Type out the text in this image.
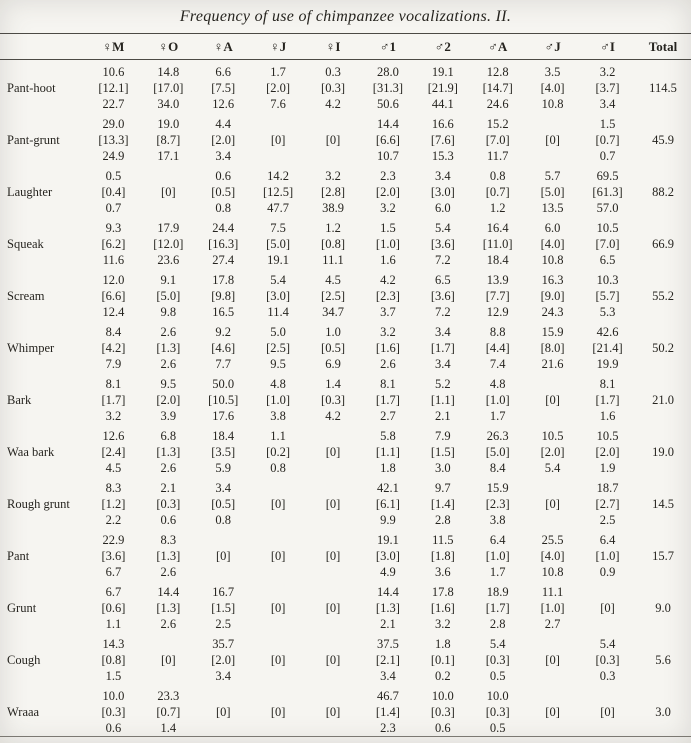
Frequency of use of chimpanzee vocalizations. II.
	♀M	♀O	♀A	♀J	♀I	♂1	♂2	♂A	♂J	♂I	Total
Pant-hoot	10.6	14.8	6.6	1.7	0.3	28.0	19.1	12.8	3.5	3.2	114.5
	[12.1]	[17.0]	[7.5]	[2.0]	[0.3]	[31.3]	[21.9]	[14.7]	[4.0]	[3.7]	
	22.7	34.0	12.6	7.6	4.2	50.6	44.1	24.6	10.8	3.4	
Pant-grunt	29.0	19.0	4.4			14.4	16.6	15.2		1.5	45.9
	[13.3]	[8.7]	[2.0]	[0]	[0]	[6.6]	[7.6]	[7.0]	[0]	[0.7]	
	24.9	17.1	3.4			10.7	15.3	11.7		0.7	
Laughter	0.5		0.6	14.2	3.2	2.3	3.4	0.8	5.7	69.5	88.2
	[0.4]	[0]	[0.5]	[12.5]	[2.8]	[2.0]	[3.0]	[0.7]	[5.0]	[61.3]	
	0.7		0.8	47.7	38.9	3.2	6.0	1.2	13.5	57.0	
Squeak	9.3	17.9	24.4	7.5	1.2	1.5	5.4	16.4	6.0	10.5	66.9
	[6.2]	[12.0]	[16.3]	[5.0]	[0.8]	[1.0]	[3.6]	[11.0]	[4.0]	[7.0]	
	11.6	23.6	27.4	19.1	11.1	1.6	7.2	18.4	10.8	6.5	
Scream	12.0	9.1	17.8	5.4	4.5	4.2	6.5	13.9	16.3	10.3	55.2
	[6.6]	[5.0]	[9.8]	[3.0]	[2.5]	[2.3]	[3.6]	[7.7]	[9.0]	[5.7]	
	12.4	9.8	16.5	11.4	34.7	3.7	7.2	12.9	24.3	5.3	
Whimper	8.4	2.6	9.2	5.0	1.0	3.2	3.4	8.8	15.9	42.6	50.2
	[4.2]	[1.3]	[4.6]	[2.5]	[0.5]	[1.6]	[1.7]	[4.4]	[8.0]	[21.4]	
	7.9	2.6	7.7	9.5	6.9	2.6	3.4	7.4	21.6	19.9	
Bark	8.1	9.5	50.0	4.8	1.4	8.1	5.2	4.8		8.1	21.0
	[1.7]	[2.0]	[10.5]	[1.0]	[0.3]	[1.7]	[1.1]	[1.0]	[0]	[1.7]	
	3.2	3.9	17.6	3.8	4.2	2.7	2.1	1.7		1.6	
Waa bark	12.6	6.8	18.4	1.1		5.8	7.9	26.3	10.5	10.5	19.0
	[2.4]	[1.3]	[3.5]	[0.2]	[0]	[1.1]	[1.5]	[5.0]	[2.0]	[2.0]	
	4.5	2.6	5.9	0.8		1.8	3.0	8.4	5.4	1.9	
Rough grunt	8.3	2.1	3.4			42.1	9.7	15.9		18.7	14.5
	[1.2]	[0.3]	[0.5]	[0]	[0]	[6.1]	[1.4]	[2.3]	[0]	[2.7]	
	2.2	0.6	0.8			9.9	2.8	3.8		2.5	
Pant	22.9	8.3				19.1	11.5	6.4	25.5	6.4	15.7
	[3.6]	[1.3]	[0]	[0]	[0]	[3.0]	[1.8]	[1.0]	[4.0]	[1.0]	
	6.7	2.6				4.9	3.6	1.7	10.8	0.9	
Grunt	6.7	14.4	16.7			14.4	17.8	18.9	11.1		9.0
	[0.6]	[1.3]	[1.5]	[0]	[0]	[1.3]	[1.6]	[1.7]	[1.0]	[0]	
	1.1	2.6	2.5			2.1	3.2	2.8	2.7		
Cough	14.3		35.7			37.5	1.8	5.4		5.4	5.6
	[0.8]	[0]	[2.0]	[0]	[0]	[2.1]	[0.1]	[0.3]	[0]	[0.3]	
	1.5		3.4			3.4	0.2	0.5		0.3	
Wraaa	10.0	23.3				46.7	10.0	10.0			3.0
	[0.3]	[0.7]	[0]	[0]	[0]	[1.4]	[0.3]	[0.3]	[0]	[0]	
	0.6	1.4				2.3	0.6	0.5			
